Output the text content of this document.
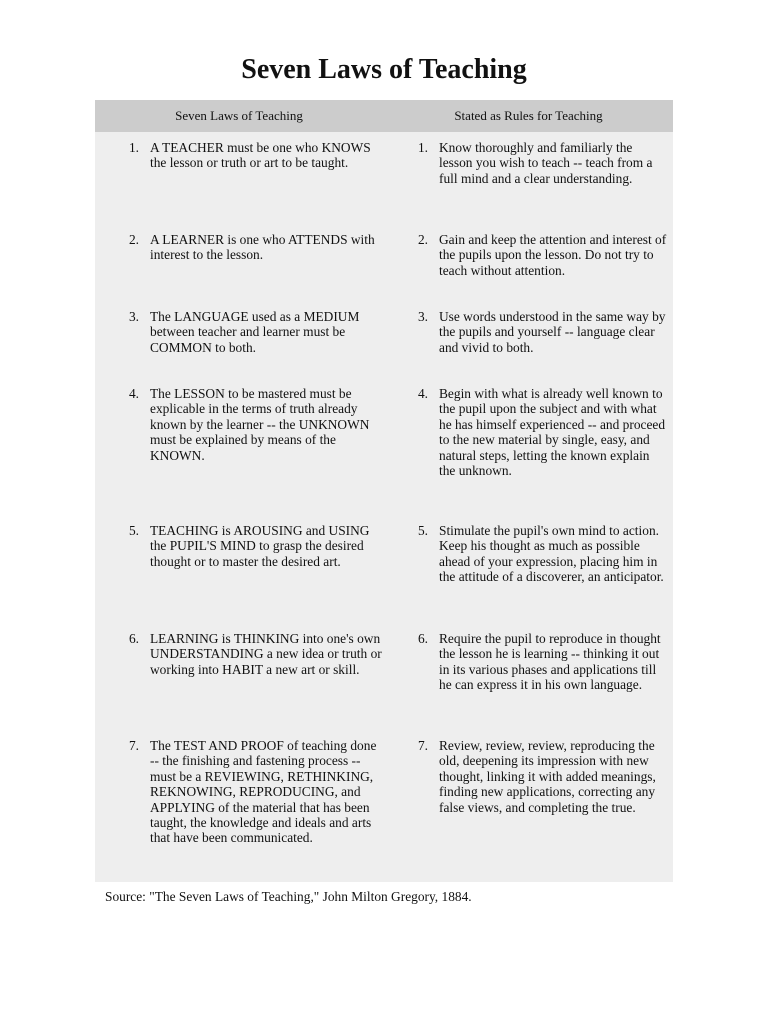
Seven Laws of Teaching
Seven Laws of Teaching	Stated as Rules for Teaching
1. A TEACHER must be one who KNOWS the lesson or truth or art to be taught.
1. Know thoroughly and familiarly the lesson you wish to teach -- teach from a full mind and a clear understanding.
2. A LEARNER is one who ATTENDS with interest to the lesson.
2. Gain and keep the attention and interest of the pupils upon the lesson. Do not try to teach without attention.
3. The LANGUAGE used as a MEDIUM between teacher and learner must be COMMON to both.
3. Use words understood in the same way by the pupils and yourself -- language clear and vivid to both.
4. The LESSON to be mastered must be explicable in the terms of truth already known by the learner -- the UNKNOWN must be explained by means of the KNOWN.
4. Begin with what is already well known to the pupil upon the subject and with what he has himself experienced -- and proceed to the new material by single, easy, and natural steps, letting the known explain the unknown.
5. TEACHING is AROUSING and USING the PUPIL'S MIND to grasp the desired thought or to master the desired art.
5. Stimulate the pupil's own mind to action. Keep his thought as much as possible ahead of your expression, placing him in the attitude of a discoverer, an anticipator.
6. LEARNING is THINKING into one's own UNDERSTANDING a new idea or truth or working into HABIT a new art or skill.
6. Require the pupil to reproduce in thought the lesson he is learning -- thinking it out in its various phases and applications till he can express it in his own language.
7. The TEST AND PROOF of teaching done -- the finishing and fastening process -- must be a REVIEWING, RETHINKING, REKNOWING, REPRODUCING, and APPLYING of the material that has been taught, the knowledge and ideals and arts that have been communicated.
7. Review, review, review, reproducing the old, deepening its impression with new thought, linking it with added meanings, finding new applications, correcting any false views, and completing the true.
Source: "The Seven Laws of Teaching," John Milton Gregory, 1884.
